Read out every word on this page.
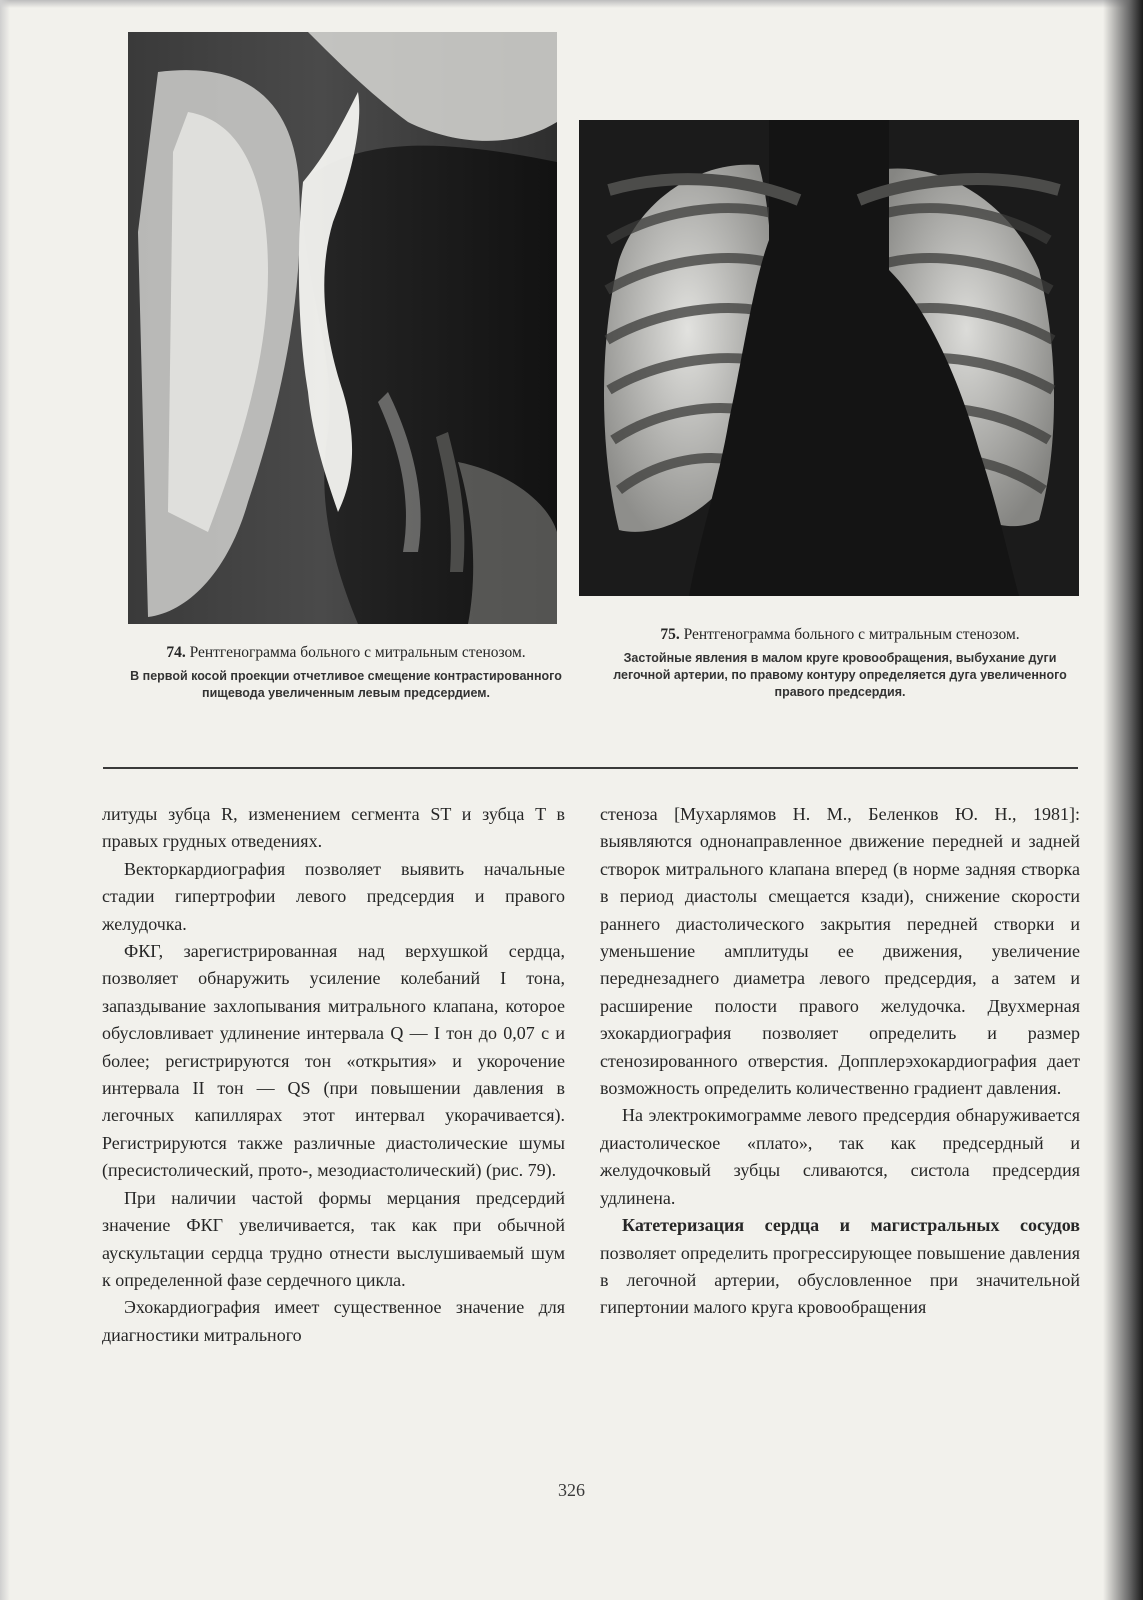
74. Рентгенограмма больного с митральным стенозом.
В первой косой проекции отчетливое смещение контрастированного пищевода увеличенным левым предсердием.
75. Рентгенограмма больного с митральным стенозом.
Застойные явления в малом круге кровообращения, выбухание дуги легочной артерии, по правому контуру определяется дуга увеличенного правого предсердия.

литуды зубца R, изменением сегмента ST и зубца T в правых грудных отведениях.

Векторкардиография позволяет выявить начальные стадии гипертрофии левого предсердия и правого желудочка.

ФКГ, зарегистрированная над верхушкой сердца, позволяет обнаружить усиление колебаний I тона, запаздывание захлопывания митрального клапана, которое обусловливает удлинение интервала Q — I тон до 0,07 с и более; регистрируются тон «открытия» и укорочение интервала II тон — QS (при повышении давления в легочных капиллярах этот интервал укорачивается). Регистрируются также различные диастолические шумы (пресистолический, прото-, мезодиастолический) (рис. 79).

При наличии частой формы мерцания предсердий значение ФКГ увеличивается, так как при обычной аускультации сердца трудно отнести выслушиваемый шум к определенной фазе сердечного цикла.

Эхокардиография имеет существенное значение для диагностики митрального

стеноза [Мухарлямов Н. М., Беленков Ю. Н., 1981]: выявляются однонаправленное движение передней и задней створок митрального клапана вперед (в норме задняя створка в период диастолы смещается кзади), снижение скорости раннего диастолического закрытия передней створки и уменьшение амплитуды ее движения, увеличение переднезаднего диаметра левого предсердия, а затем и расширение полости правого желудочка. Двухмерная эхокардиография позволяет определить и размер стенозированного отверстия. Допплерэхокардиография дает возможность определить количественно градиент давления.

На электрокимограмме левого предсердия обнаруживается диастолическое «плато», так как предсердный и желудочковый зубцы сливаются, систола предсердия удлинена.

Катетеризация сердца и магистральных сосудов позволяет определить прогрессирующее повышение давления в легочной артерии, обусловленное при значительной гипертонии малого круга кровообращения

326
